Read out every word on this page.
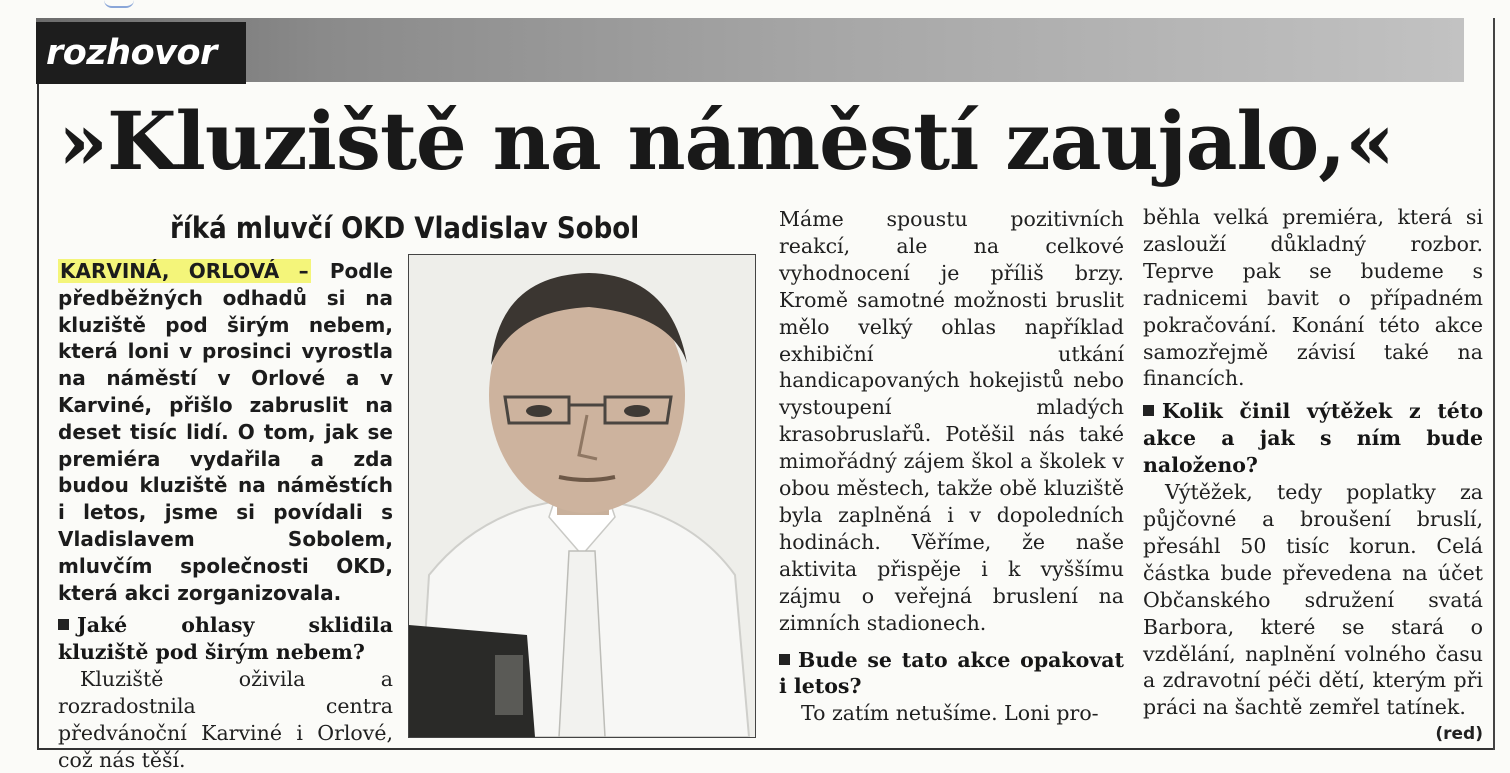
rozhovor
»Kluziště na náměstí zaujalo,«
říká mluvčí OKD Vladislav Sobol

KARVINÁ, ORLOVÁ – Podle předběžných odhadů si na kluziště pod širým nebem, která loni v prosinci vyrostla na náměstí v Orlové a v Karviné, přišlo zabruslit na deset tisíc lidí. O tom, jak se premiéra vydařila a zda budou kluziště na náměstích i letos, jsme si povídali s Vladislavem Sobolem, mluvčím společnosti OKD, která akci zorganizovala.

Jaké ohlasy sklidila kluziště pod širým nebem?

Kluziště oživila a rozradostnila centra předvánoční Karviné i Orlové, což nás těší.

Máme spoustu pozitivních reakcí, ale na celkové vyhodnocení je příliš brzy. Kromě samotné možnosti bruslit mělo velký ohlas například exhibiční utkání handicapovaných hokejistů nebo vystoupení mladých krasobruslařů. Potěšil nás také mimořádný zájem škol a školek v obou městech, takže obě kluziště byla zaplněná i v dopoledních hodinách. Věříme, že naše aktivita přispěje i k vyššímu zájmu o veřejná bruslení na zimních stadionech.

Bude se tato akce opakovat i letos?

To zatím netušíme. Loni pro-

běhla velká premiéra, která si zaslouží důkladný rozbor. Teprve pak se budeme s radnicemi bavit o případném pokračování. Konání této akce samozřejmě závisí také na financích.

Kolik činil výtěžek z této akce a jak s ním bude naloženo?

Výtěžek, tedy poplatky za půjčovné a broušení bruslí, přesáhl 50 tisíc korun. Celá částka bude převedena na účet Občanského sdružení svatá Barbora, které se stará o vzdělání, naplnění volného času a zdravotní péči dětí, kterým při práci na šachtě zemřel tatínek.
(red)
